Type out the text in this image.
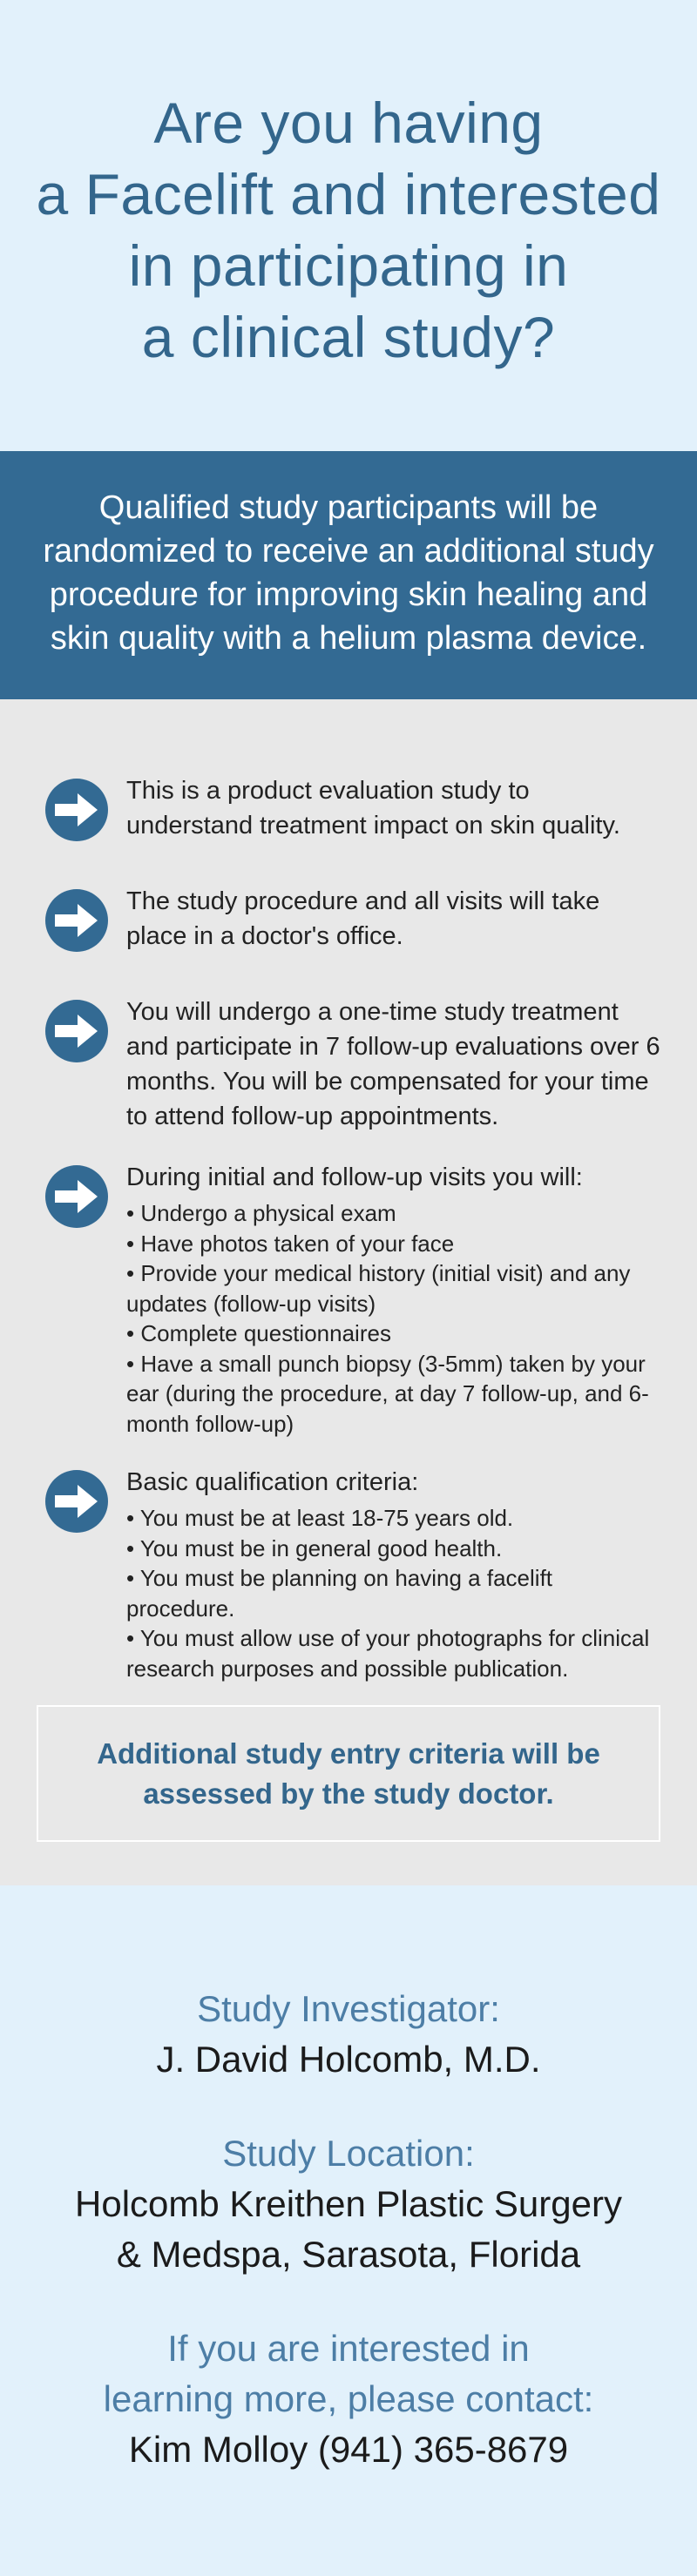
Are you having
a Facelift and interested
in participating in
a clinical study?
Qualified study participants will be randomized to receive an additional study procedure for improving skin healing and skin quality with a helium plasma device.

This is a product evaluation study to understand treatment impact on skin quality.

The study procedure and all visits will take place in a doctor's office.

You will undergo a one-time study treatment and participate in 7 follow-up evaluations over 6 months. You will be compensated for your time to attend follow-up appointments.

During initial and follow-up visits you will:

• Undergo a physical exam
• Have photos taken of your face
• Provide your medical history (initial visit) and any updates (follow-up visits)
• Complete questionnaires
• Have a small punch biopsy (3-5mm) taken by your ear (during the procedure, at day 7 follow-up, and 6-month follow-up)

Basic qualification criteria:

• You must be at least 18-75 years old.
• You must be in general good health.
• You must be planning on having a facelift procedure.
• You must allow use of your photographs for clinical research purposes and possible publication.
Additional study entry criteria will be assessed by the study doctor.
Study Investigator:
J. David Holcomb, M.D.
Study Location:
Holcomb Kreithen Plastic Surgery
& Medspa, Sarasota, Florida
If you are interested in
learning more, please contact:
Kim Molloy (941) 365-8679
